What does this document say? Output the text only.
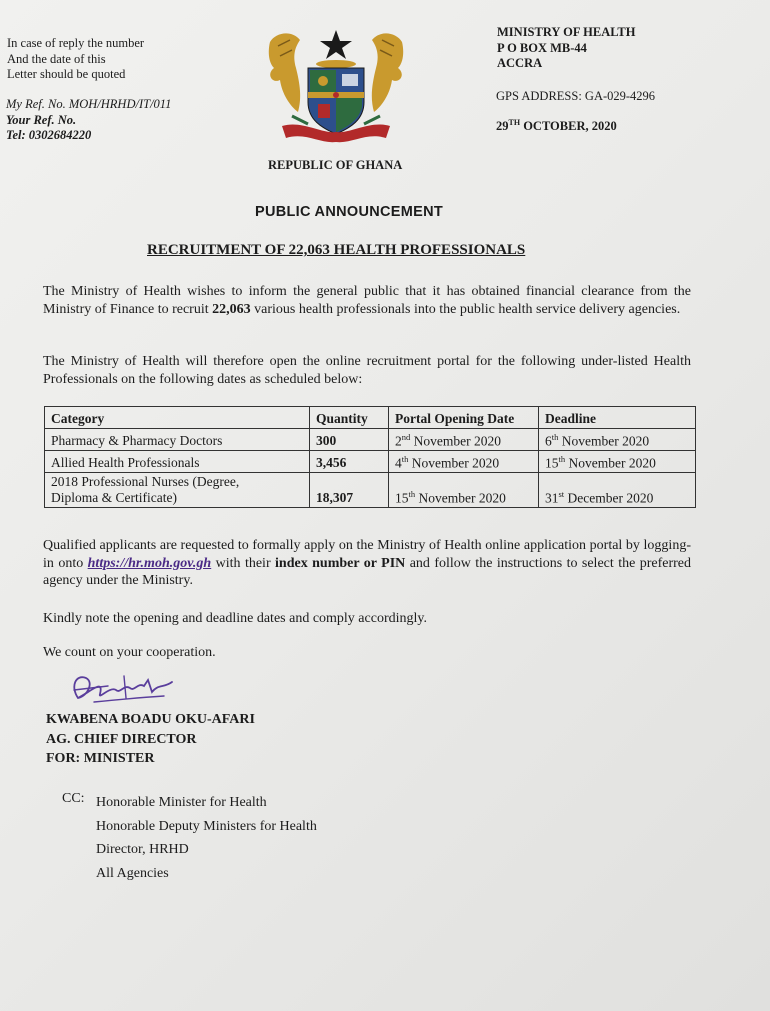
In case of reply the number
And the date of this
Letter should be quoted
My Ref. No. MOH/HRHD/IT/011
Your Ref. No.
Tel: 0302684220
MINISTRY OF HEALTH
P O BOX MB-44
ACCRA
GPS ADDRESS: GA-029-4296
29TH OCTOBER, 2020
REPUBLIC OF GHANA
PUBLIC ANNOUNCEMENT
RECRUITMENT OF 22,063 HEALTH PROFESSIONALS
The Ministry of Health wishes to inform the general public that it has obtained financial clearance from the Ministry of Finance to recruit 22,063 various health professionals into the public health service delivery agencies.
The Ministry of Health will therefore open the online recruitment portal for the following under-listed Health Professionals on the following dates as scheduled below:
Category	Quantity	Portal Opening Date	Deadline
Pharmacy & Pharmacy Doctors	300	2nd November 2020	6th November 2020
Allied Health Professionals	3,456	4th November 2020	15th November 2020

2018 Professional Nurses (Degree,
Diploma & Certificate)	18,307	15th November 2020	31st December 2020
Qualified applicants are requested to formally apply on the Ministry of Health online application portal by logging-in onto https://hr.moh.gov.gh with their index number or PIN and follow the instructions to select the preferred agency under the Ministry.
Kindly note the opening and deadline dates and comply accordingly.
We count on your cooperation.
KWABENA BOADU OKU-AFARI
AG. CHIEF DIRECTOR
FOR: MINISTER
CC: Honorable Minister for Health
Honorable Deputy Ministers for Health
Director, HRHD
All Agencies
